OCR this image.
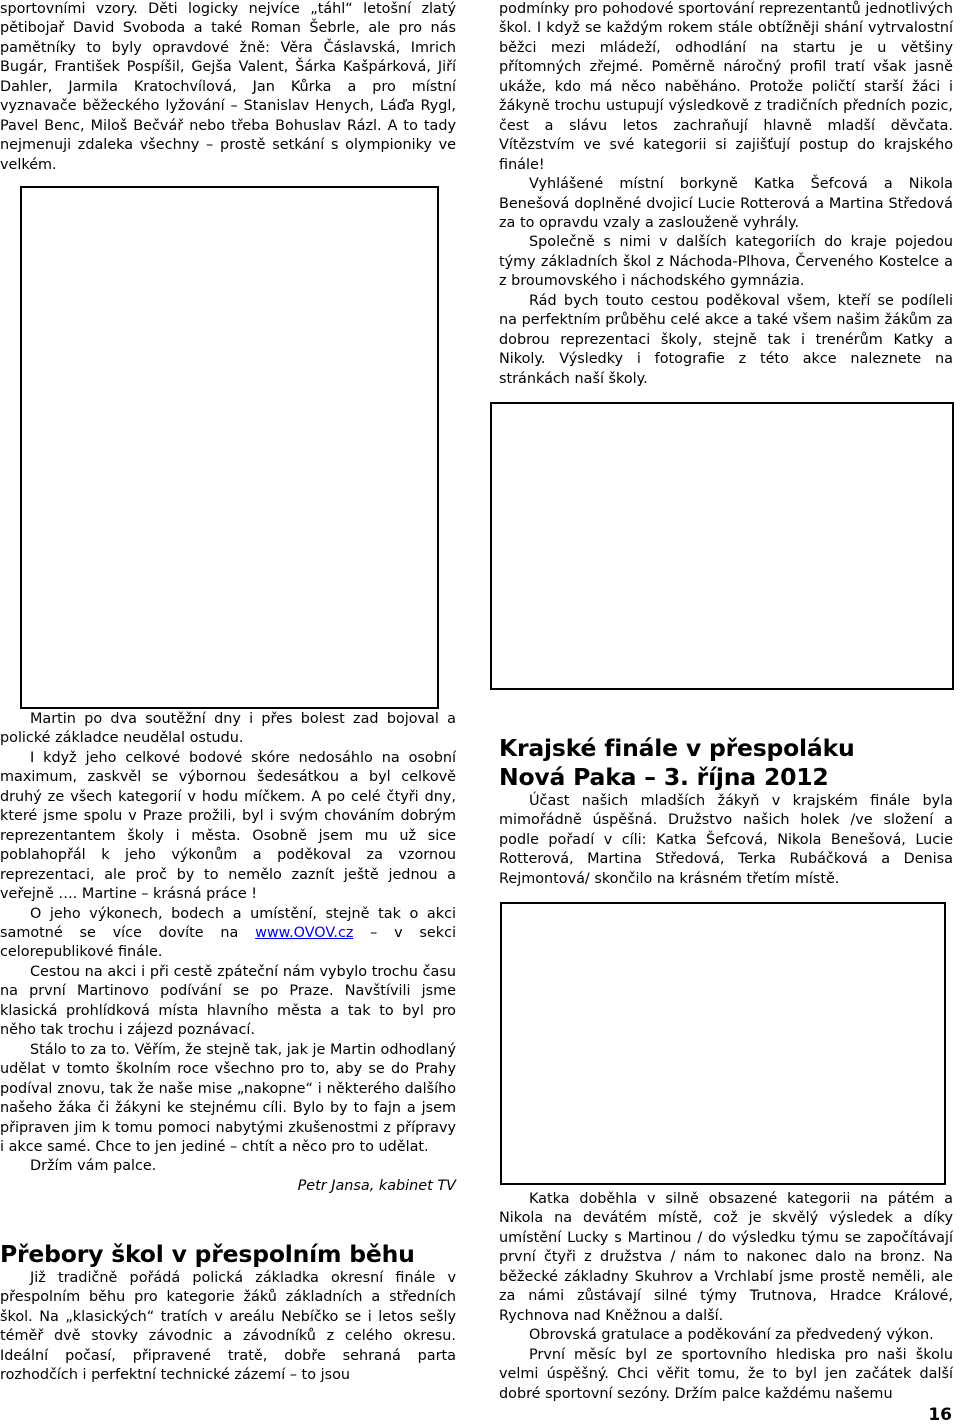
sportovními vzory. Děti logicky nejvíce „táhl“ letošní zlatý pětibojař David Svoboda a také Roman Šebrle, ale pro nás pamětníky to byly opravdové žně: Věra Čáslavská, Imrich Bugár, František Pospíšil, Gejša Valent, Šárka Kašpárková, Jiří Dahler, Jarmila Kratochvílová, Jan Kůrka a pro místní vyznavače běžeckého lyžování – Stanislav Henych, Láďa Rygl, Pavel Benc, Miloš Bečvář nebo třeba Bohuslav Rázl. A to tady nejmenuji zdaleka všechny – prostě setkání s olympioniky ve velkém.

Martin po dva soutěžní dny i přes bolest zad bojoval a polické základce neudělal ostudu.

I když jeho celkové bodové skóre nedosáhlo na osobní maximum, zaskvěl se výbornou šedesátkou a byl celkově druhý ze všech kategorií v hodu míčkem. A po celé čtyři dny, které jsme spolu v Praze prožili, byl i svým chováním dobrým reprezentantem školy i města. Osobně jsem mu už sice poblahopřál k jeho výkonům a poděkoval za vzornou reprezentaci, ale proč by to nemělo zaznít ještě jednou a veřejně …. Martine – krásná práce !

O jeho výkonech, bodech a umístění, stejně tak o akci samotné se více dovíte na www.OVOV.cz – v sekci celorepublikové finále.

Cestou na akci i při cestě zpáteční nám vybylo trochu času na první Martinovo podívání se po Praze. Navštívili jsme klasická prohlídková místa hlavního města a tak to byl pro něho tak trochu i zájezd poznávací.

Stálo to za to. Věřím, že stejně tak, jak je Martin odhodlaný udělat v tomto školním roce všechno pro to, aby se do Prahy podíval znovu, tak že naše mise „nakopne“ i některého dalšího našeho žáka či žákyni ke stejnému cíli. Bylo by to fajn a jsem připraven jim k tomu pomoci nabytými zkušenostmi z přípravy i akce samé. Chce to jen jediné – chtít a něco pro to udělat.

Držím vám palce.

Petr Jansa, kabinet TV

Přebory škol v přespolním běhu

Již tradičně pořádá polická základka okresní finále v přespolním běhu pro kategorie žáků základních a středních škol. Na „klasických“ tratích v areálu Nebíčko se i letos sešly téměř dvě stovky závodnic a závodníků z celého okresu. Ideální počasí, připravené tratě, dobře sehraná parta rozhodčích i perfektní technické zázemí – to jsou

podmínky pro pohodové sportování reprezentantů jednotlivých škol. I když se každým rokem stále obtížněji shání vytrvalostní běžci mezi mládeží, odhodlání na startu je u většiny přítomných zřejmé. Poměrně náročný profil tratí však jasně ukáže, kdo má něco naběháno. Protože poličtí starší žáci i žákyně trochu ustupují výsledkově z tradičních předních pozic, čest a slávu letos zachraňují hlavně mladší děvčata. Vítězstvím ve své kategorii si zajišťují postup do krajského finále!

Vyhlášené místní borkyně Katka Šefcová a Nikola Benešová doplněné dvojicí Lucie Rotterová a Martina Středová za to opravdu vzaly a zaslouženě vyhrály.

Společně s nimi v dalších kategoriích do kraje pojedou týmy základních škol z Náchoda-Plhova, Červeného Kostelce a z broumovského i náchodského gymnázia.

Rád bych touto cestou poděkoval všem, kteří se podíleli na perfektním průběhu celé akce a také všem našim žákům za dobrou reprezentaci školy, stejně tak i trenérům Katky a Nikoly. Výsledky i fotografie z této akce naleznete na stránkách naší školy.

Krajské finále v přespoláku
Nová Paka – 3. října 2012

Účast našich mladších žákyň v krajském finále byla mimořádně úspěšná. Družstvo našich holek /ve složení a podle pořadí v cíli: Katka Šefcová, Nikola Benešová, Lucie Rotterová, Martina Středová, Terka Rubáčková a Denisa Rejmontová/ skončilo na krásném třetím místě.

Katka doběhla v silně obsazené kategorii na pátém a Nikola na devátém místě, což je skvělý výsledek a díky umístění Lucky s Martinou / do výsledku týmu se započítávají první čtyři z družstva / nám to nakonec dalo na bronz. Na běžecké základny Skuhrov a Vrchlabí jsme prostě neměli, ale za námi zůstávají silné týmy Trutnova, Hradce Králové, Rychnova nad Kněžnou a další.

Obrovská gratulace a poděkování za předvedený výkon.

První měsíc byl ze sportovního hlediska pro naši školu velmi úspěšný. Chci věřit tomu, že to byl jen začátek další dobré sportovní sezóny. Držím palce každému našemu

16
